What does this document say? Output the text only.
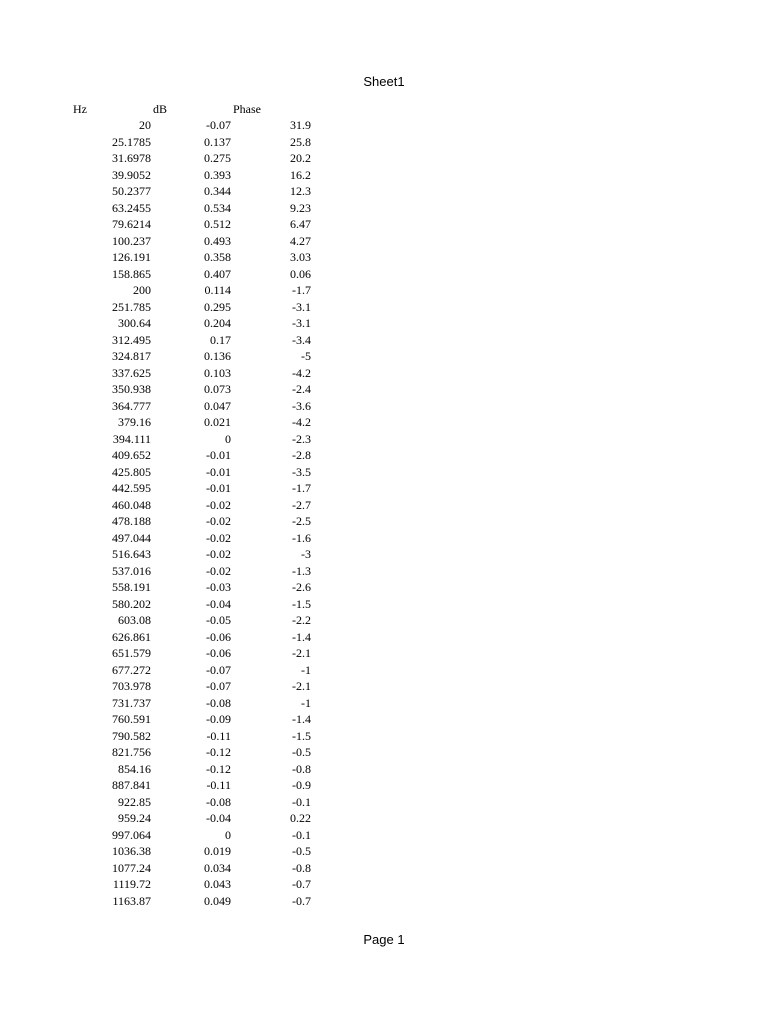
Sheet1
Hz	dB	Phase
20	-0.07	31.9
25.1785	0.137	25.8
31.6978	0.275	20.2
39.9052	0.393	16.2
50.2377	0.344	12.3
63.2455	0.534	9.23
79.6214	0.512	6.47
100.237	0.493	4.27
126.191	0.358	3.03
158.865	0.407	0.06
200	0.114	-1.7
251.785	0.295	-3.1
300.64	0.204	-3.1
312.495	0.17	-3.4
324.817	0.136	-5
337.625	0.103	-4.2
350.938	0.073	-2.4
364.777	0.047	-3.6
379.16	0.021	-4.2
394.111	0	-2.3
409.652	-0.01	-2.8
425.805	-0.01	-3.5
442.595	-0.01	-1.7
460.048	-0.02	-2.7
478.188	-0.02	-2.5
497.044	-0.02	-1.6
516.643	-0.02	-3
537.016	-0.02	-1.3
558.191	-0.03	-2.6
580.202	-0.04	-1.5
603.08	-0.05	-2.2
626.861	-0.06	-1.4
651.579	-0.06	-2.1
677.272	-0.07	-1
703.978	-0.07	-2.1
731.737	-0.08	-1
760.591	-0.09	-1.4
790.582	-0.11	-1.5
821.756	-0.12	-0.5
854.16	-0.12	-0.8
887.841	-0.11	-0.9
922.85	-0.08	-0.1
959.24	-0.04	0.22
997.064	0	-0.1
1036.38	0.019	-0.5
1077.24	0.034	-0.8
1119.72	0.043	-0.7
1163.87	0.049	-0.7
Page 1
